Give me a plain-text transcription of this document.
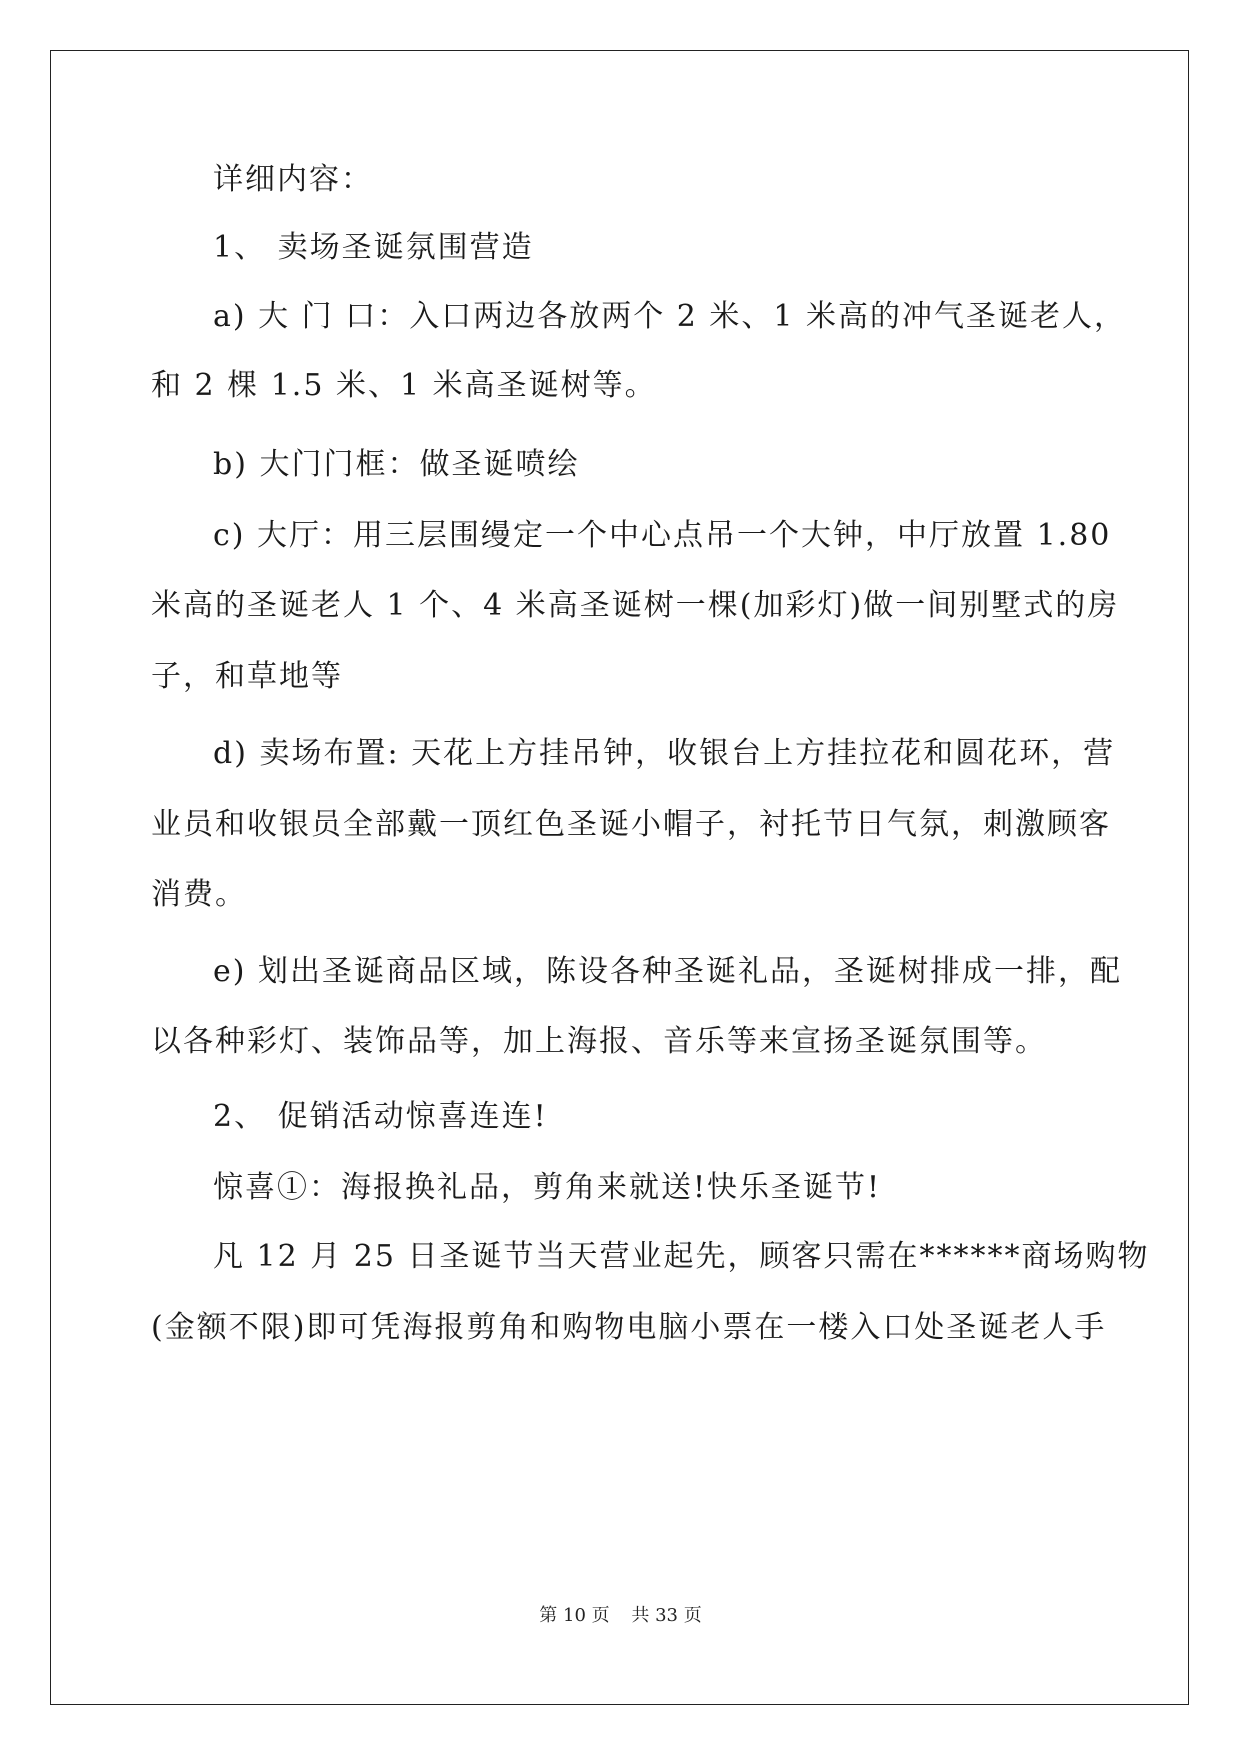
详细内容：
1、 卖场圣诞氛围营造
a) 大 门 口：入口两边各放两个 2 米、1 米高的冲气圣诞老人，
和 2 棵 1.5 米、1 米高圣诞树等。
b) 大门门框：做圣诞喷绘
c) 大厅：用三层围缦定一个中心点吊一个大钟，中厅放置 1.80
米高的圣诞老人 1 个、4 米高圣诞树一棵(加彩灯)做一间别墅式的房
子，和草地等
d) 卖场布置: 天花上方挂吊钟，收银台上方挂拉花和圆花环，营
业员和收银员全部戴一顶红色圣诞小帽子，衬托节日气氛，刺激顾客
消费。
e) 划出圣诞商品区域，陈设各种圣诞礼品，圣诞树排成一排，配
以各种彩灯、装饰品等，加上海报、音乐等来宣扬圣诞氛围等。
2、 促销活动惊喜连连!
惊喜①：海报换礼品，剪角来就送!快乐圣诞节!
凡 12 月 25 日圣诞节当天营业起先，顾客只需在******商场购物
(金额不限)即可凭海报剪角和购物电脑小票在一楼入口处圣诞老人手
第 10 页 共 33 页
